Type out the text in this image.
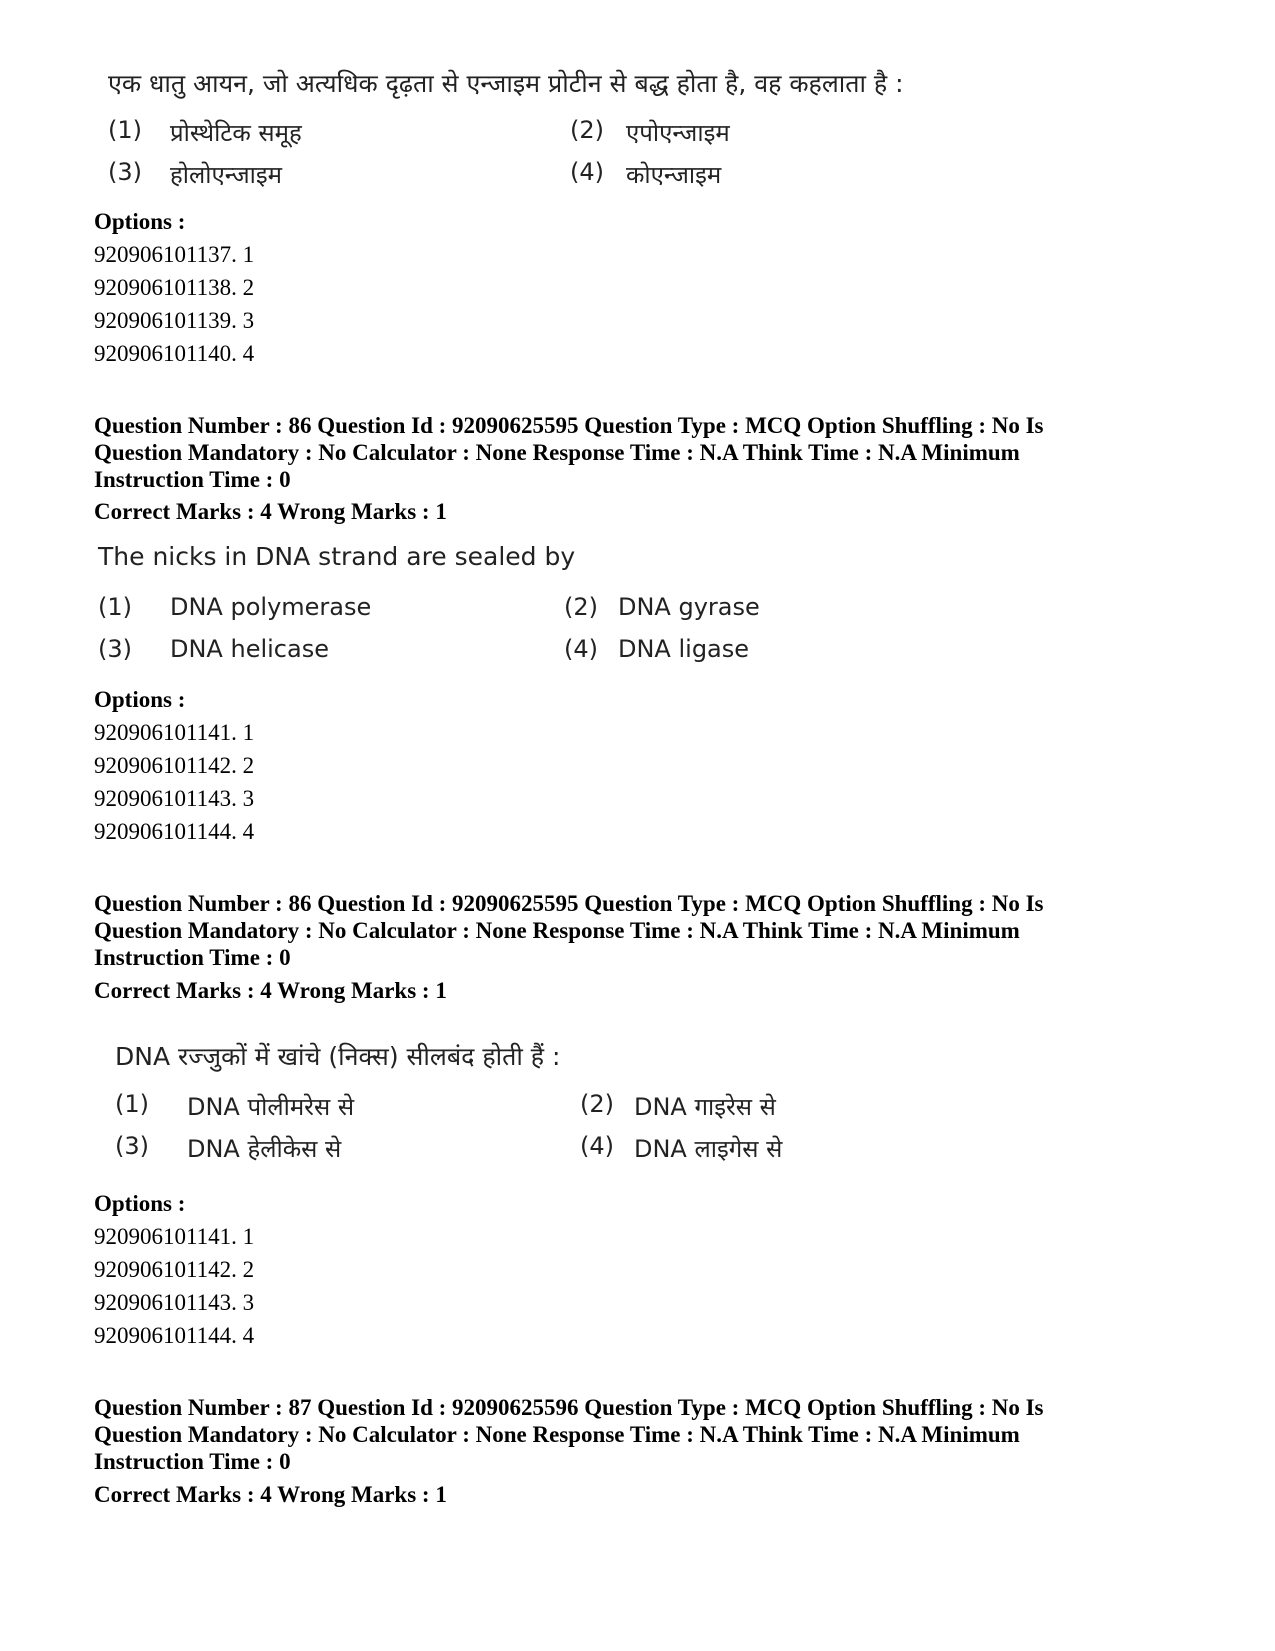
एक धातु आयन, जो अत्यधिक दृढ़ता से एन्जाइम प्रोटीन से बद्ध होता है, वह कहलाता है :
(1) प्रोस्थेटिक समूह	(2) एपोएन्जाइम
(3) होलोएन्जाइम	(4) कोएन्जाइम
Options :
920906101137. 1
920906101138. 2
920906101139. 3
920906101140. 4
Question Number : 86 Question Id : 92090625595 Question Type : MCQ Option Shuffling : No Is
Question Mandatory : No Calculator : None Response Time : N.A Think Time : N.A Minimum
Instruction Time : 0
Correct Marks : 4 Wrong Marks : 1
The nicks in DNA strand are sealed by
(1) DNA polymerase	(2) DNA gyrase
(3) DNA helicase	(4) DNA ligase
Options :
920906101141. 1
920906101142. 2
920906101143. 3
920906101144. 4
Question Number : 86 Question Id : 92090625595 Question Type : MCQ Option Shuffling : No Is
Question Mandatory : No Calculator : None Response Time : N.A Think Time : N.A Minimum
Instruction Time : 0
Correct Marks : 4 Wrong Marks : 1
DNA रज्जुकों में खांचे (निक्स) सीलबंद होती हैं :
(1) DNA पोलीमरेस से	(2) DNA गाइरेस से
(3) DNA हेलीकेस से	(4) DNA लाइगेस से
Options :
920906101141. 1
920906101142. 2
920906101143. 3
920906101144. 4
Question Number : 87 Question Id : 92090625596 Question Type : MCQ Option Shuffling : No Is
Question Mandatory : No Calculator : None Response Time : N.A Think Time : N.A Minimum
Instruction Time : 0
Correct Marks : 4 Wrong Marks : 1
